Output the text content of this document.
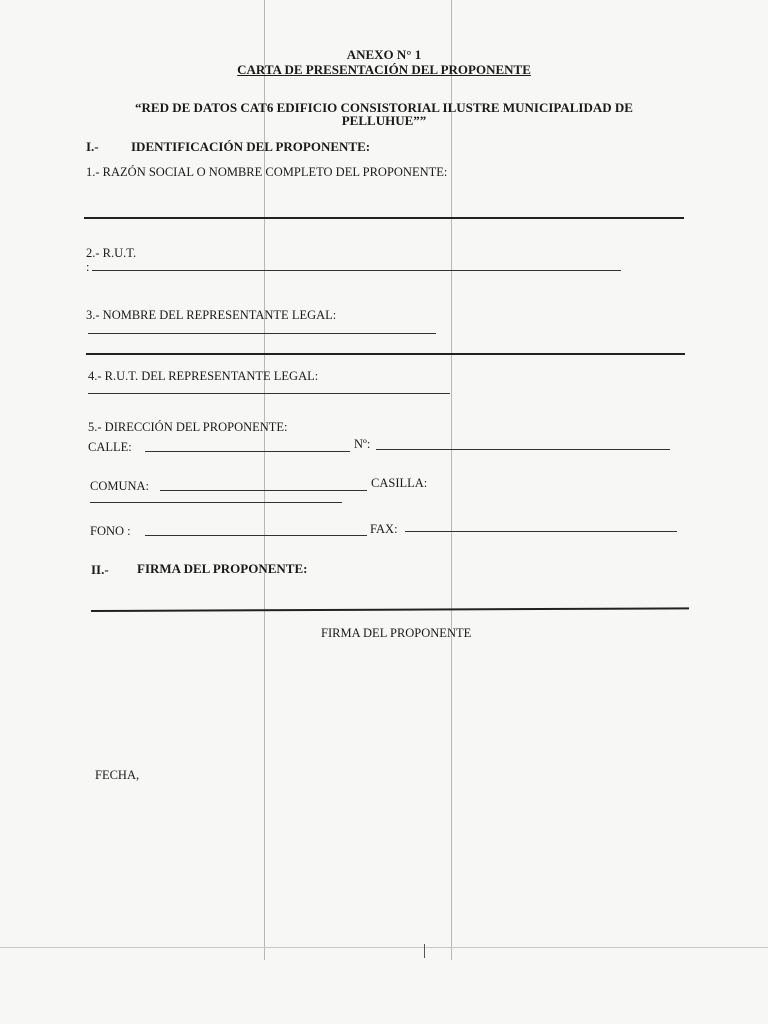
ANEXO N° 1
CARTA DE PRESENTACIÓN DEL PROPONENTE
“RED DE DATOS CAT6 EDIFICIO CONSISTORIAL ILUSTRE MUNICIPALIDAD DE
PELLUHUE””
I.- IDENTIFICACIÓN DEL PROPONENTE:
1.- RAZÓN SOCIAL O NOMBRE COMPLETO DEL PROPONENTE:
2.- R.U.T.
:
3.- NOMBRE DEL REPRESENTANTE LEGAL:
4.- R.U.T. DEL REPRESENTANTE LEGAL:
5.- DIRECCIÓN DEL PROPONENTE:
CALLE:	Nº:
COMUNA:	CASILLA:
FONO :	FAX:
II.- FIRMA DEL PROPONENTE:
FIRMA DEL PROPONENTE
FECHA,
